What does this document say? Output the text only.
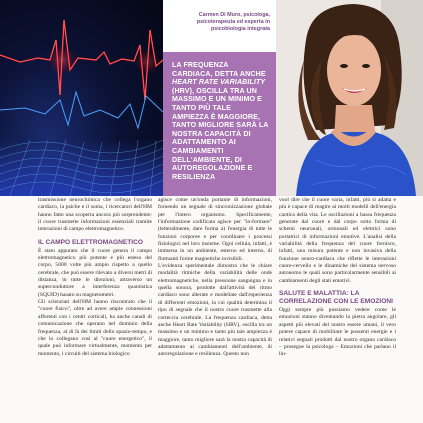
Carmen Di Muro, psicologa, psicoterapeuta ed esperta in psicobiologia integrata

LA FREQUENZA CARDIACA, DETTA ANCHE HEART RATE VARIABILITY (HRV), OSCILLA TRA UN MASSIMO E UN MINIMO E TANTO PIÙ TALE AMPIEZZA È MAGGIORE, TANTO MIGLIORE SARÀ LA NOSTRA CAPACITÀ DI ADATTAMENTO AI CAMBIAMENTI DELL'AMBIENTE, DI AUTOREGOLAZIONE E RESILIENZA

trasmissione neurochimica che collega l'organo cardiaco, la psiche e il soma, i ricercatori dell'HM hanno fatto una scoperta ancora più sorprendente: il cuore trasmette informazioni essenziali tramite interazioni di campo elettromagnetico.

IL CAMPO ELETTROMAGNETICO

È stato appurato che il cuore genera il campo elettromagnetico più potente e più esteso del corpo, 5000 volte più ampio rispetto a quello cerebrale, che può essere rilevato a diversi metri di distanza, in tutte le direzioni, attraverso un superconduttore a interferenza quantistica (SQUID) basato su magnetometri.

Gli scienziati dell'HM hanno riscontrato che il "cuore fisico", oltre ad avere ampie connessioni afferenti con i centri corticali, ha anche canali di comunicazione che operano nel dominio della frequenza, al di là dei limiti dello spazio-tempo, e che lo collegano così al "cuore energetico", il quale può informare virtualmente, momento per momento, i circuiti del sistema biologico

agisce come un'onda portante di informazioni, fornendo un segnale di sincronizzazione globale per l'intero organismo. Specificamente, l'informazione codificata agisce per "in-formare" (letteralmente, dare forma a) l'energia di tutte le funzioni corporee e per coordinare i processi fisiologici nel loro insieme. Ogni cellula, infatti, è immersa in un ambiente, esterno ed interno, di fluttuanti forme magnetiche invisibili.

L'evidenza sperimentale dimostra che le chiare modalità ritmiche della variabilità delle onde elettromagnetiche, nella pressione sanguigna e in quella sonora, prodotte dall'attività del ritmo cardiaco sono alterate e modellate dall'esperienza di differenti emozioni, la cui qualità determina il tipo di segnale che il nostro cuore trasmette alla corteccia cerebrale. La frequenza cardiaca, detta anche Heart Rate Variability (HRV), oscilla tra un massimo e un minimo e tanto più tale ampiezza è maggiore, tanto migliore sarà la nostra capacità di adattamento ai cambiamenti dell'ambiente, di autoregolazione e resilienza. Questo non

vuol dire che il cuore varia, infatti, più si adatta e più è capace di reagire ai molti modelli dell'energia caotica della vita. Le oscillazioni a bassa frequenza generate dal cuore e dal corpo sotto forma di schemi neuronali, ormonali ed elettrici sono portatrici di informazioni emotive. L'analisi della variabilità della frequenza del cuore fornisce, infatti, una misura potente e non invasiva della funzione neuro-cardiaca che riflette le interazioni cuore-cervello e le dinamiche del sistema nervoso autonomo le quali sono particolarmente sensibili ai cambiamenti degli stati emotivi.

SALUTE E MALATTIA: LA CORRELAZIONE CON LE EMOZIONI

Oggi sempre più possiamo vedere come le emozioni stanno diventando la pietra angolare, gli aspetti più elevati del nostro essere umani, il vero potere capace di mobilitare le possenti energie e i relativi segnali prodotti dal nostro organo cardiaco – prosegue la psicologa – Emozioni che parlano il lin-
